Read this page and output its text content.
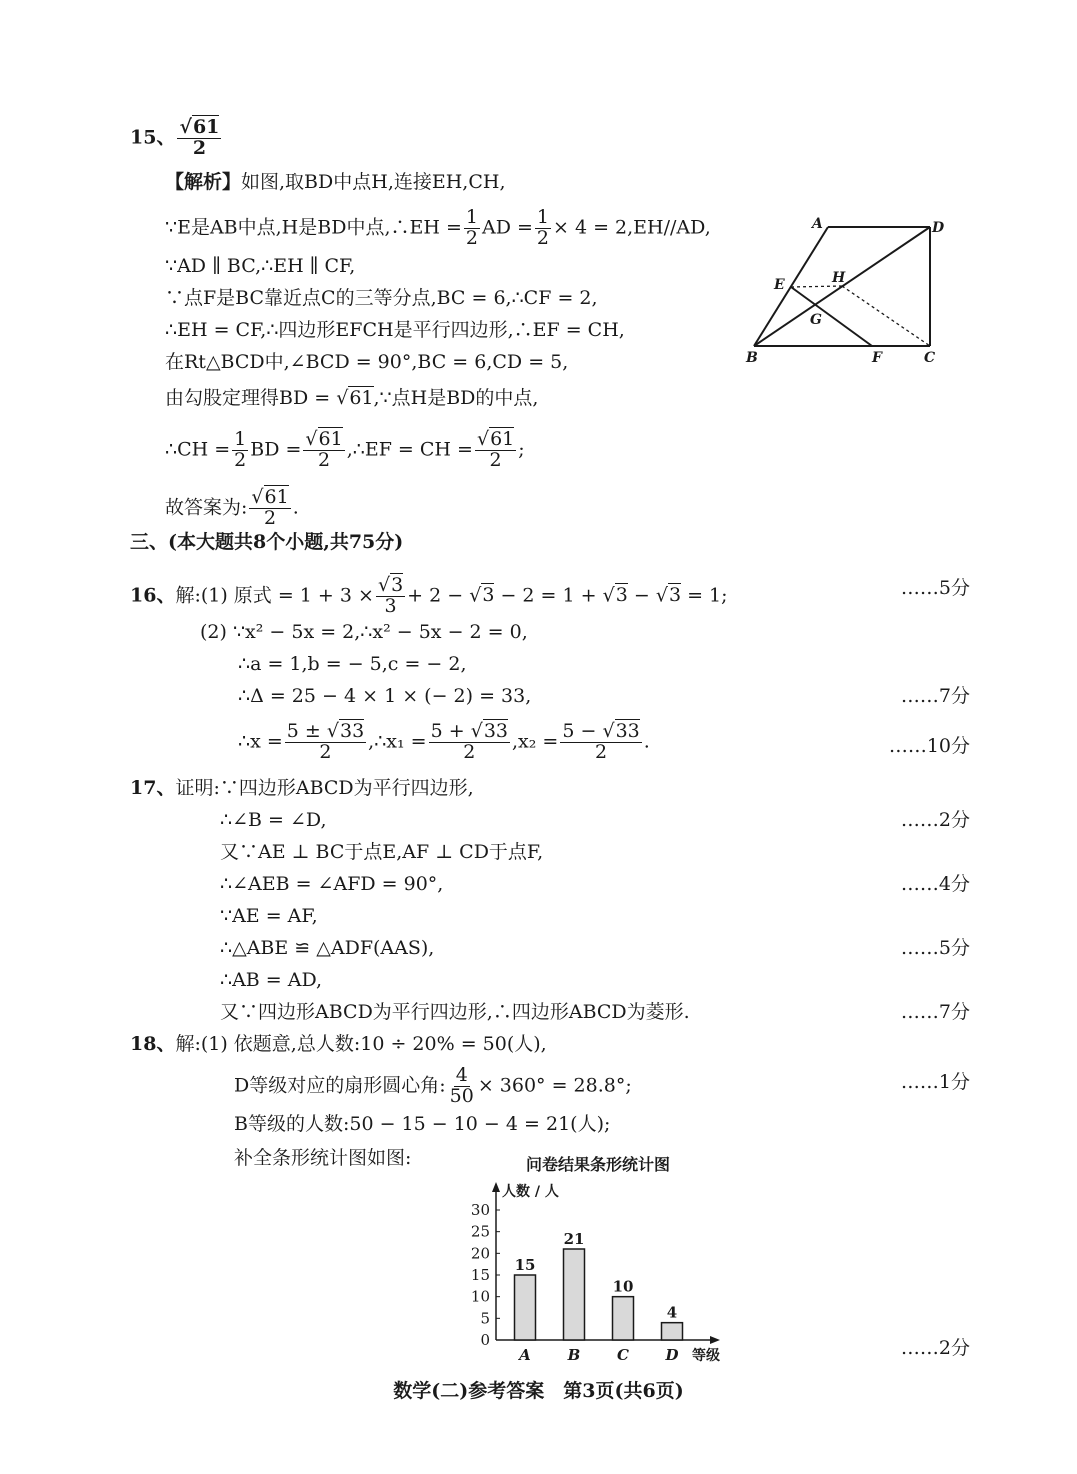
15、 $\frac{√61}{2}$
【解析】如图,取BD中点H,连接EH,CH,
∵E是AB中点,H是BD中点,∴EH = $\frac{1}{2}$ AD = $\frac{1}{2} \times 4 = 2,EH//AD$,
∵AD ∥ BC,∴EH ∥ CF,
∵点F是BC靠近点C的三等分点,BC = 6,∴CF = 2,
∴EH = CF,∴四边形EFCH是平行四边形,∴EF = CH,
在Rt△BCD中,∠BCD = 90°,BC = 6,CD = 5,
由勾股定理得BD = √61,∵点H是BD的中点,
∴CH = $\frac{1}{2}$ BD = $\frac{√61}{2}$ ,∴EF = CH = $\frac{√61}{2}$ ;
故答案为: $\frac{√61}{2}$ .
A	D
E	H
G
B	F	C
三、(本大题共8个小题,共75分)
16、解:(1) 原式 = $1 + 3 \times \frac{√3}{3} + 2 - √3 - 2 = 1 + √3 - √3 = 1$;	……5分
(2) ∵x² − 5x = 2,∴x² − 5x − 2 = 0,
∴a = 1,b = − 5,c = − 2,
∴Δ = 25 − 4 × 1 × (− 2) = 33,	……7分
∴x = $\frac{5 \pm √33}{2}$ ,∴x₁ = $\frac{5 + √33}{2} ,x_2 = \frac{5 - √33}{2}$ .	……10分
17、证明:∵四边形ABCD为平行四边形,
∴∠B = ∠D,	……2分
又∵AE ⊥ BC于点E,AF ⊥ CD于点F,
∴∠AEB = ∠AFD = 90°,	……4分
∵AE = AF,
∴△ABE ≌ △ADF(AAS),	……5分
∴AB = AD,
又∵四边形ABCD为平行四边形,∴四边形ABCD为菱形.	……7分
18、解:(1) 依题意,总人数:10 ÷ 20% = 50(人),
D等级对应的扇形圆心角: $\frac{4}{50} \times 360^\circ = 28.8^\circ$;	……1分
B等级的人数:50 − 15 − 10 − 4 = 21(人);
补全条形统计图如图:	问卷结果条形统计图
人数 / 人
等级
0
5
10
15
20
25
30
15
A
21
B
10
C
4
D	……2分
数学(二)参考答案　第3页(共6页)
